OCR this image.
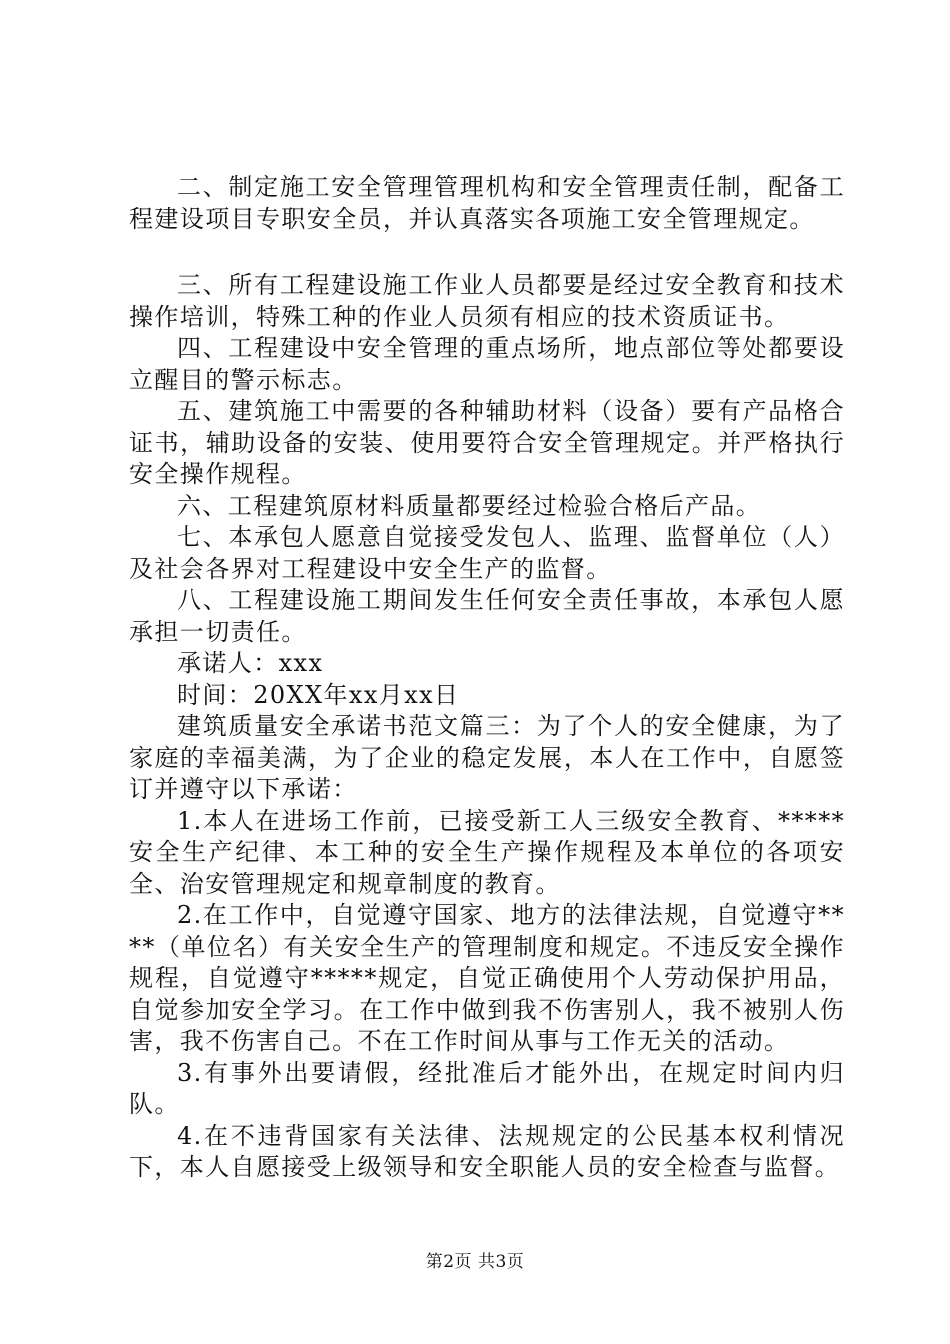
二、制定施工安全管理管理机构和安全管理责任制，配备工程建设项目专职安全员，并认真落实各项施工安全管理规定。

三、所有工程建设施工作业人员都要是经过安全教育和技术操作培训，特殊工种的作业人员须有相应的技术资质证书。

四、工程建设中安全管理的重点场所，地点部位等处都要设立醒目的警示标志。

五、建筑施工中需要的各种辅助材料（设备）要有产品格合证书，辅助设备的安装、使用要符合安全管理规定。并严格执行安全操作规程。

六、工程建筑原材料质量都要经过检验合格后产品。

七、本承包人愿意自觉接受发包人、监理、监督单位（人）及社会各界对工程建设中安全生产的监督。

八、工程建设施工期间发生任何安全责任事故，本承包人愿承担一切责任。

承诺人：xxx

时间：20XX年xx月xx日

建筑质量安全承诺书范文篇三：为了个人的安全健康，为了家庭的幸福美满，为了企业的稳定发展，本人在工作中，自愿签订并遵守以下承诺：

1.本人在进场工作前，已接受新工人三级安全教育、*****安全生产纪律、本工种的安全生产操作规程及本单位的各项安全、治安管理规定和规章制度的教育。

2.在工作中，自觉遵守国家、地方的法律法规，自觉遵守****（单位名）有关安全生产的管理制度和规定。不违反安全操作规程，自觉遵守*****规定，自觉正确使用个人劳动保护用品，自觉参加安全学习。在工作中做到我不伤害别人，我不被别人伤害，我不伤害自己。不在工作时间从事与工作无关的活动。

3.有事外出要请假，经批准后才能外出，在规定时间内归队。

4.在不违背国家有关法律、法规规定的公民基本权利情况下，本人自愿接受上级领导和安全职能人员的安全检查与监督。

第2页 共3页
